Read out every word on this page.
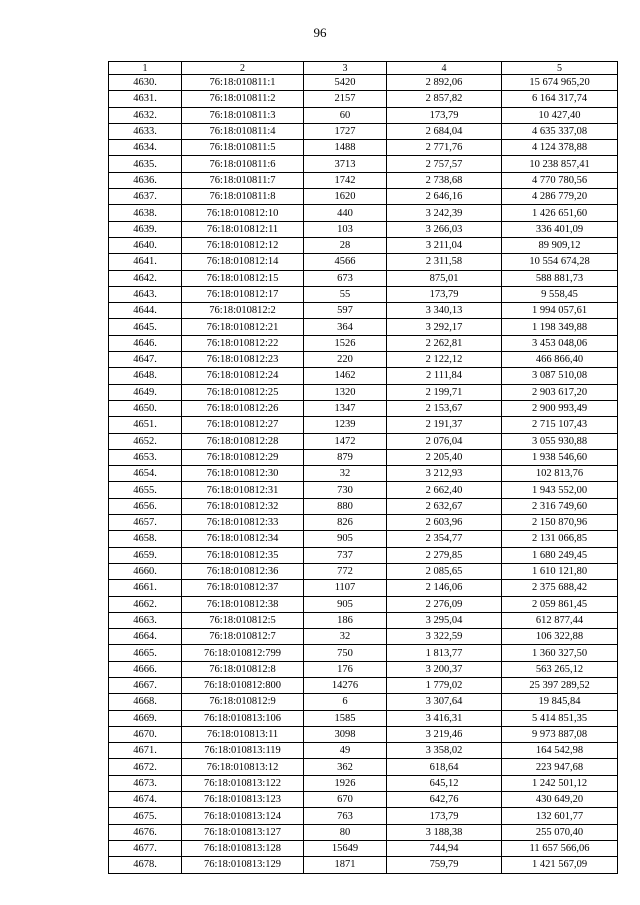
96
1	2	3	4	5
4630.	76:18:010811:1	5420	2 892,06	15 674 965,20
4631.	76:18:010811:2	2157	2 857,82	6 164 317,74
4632.	76:18:010811:3	60	173,79	10 427,40
4633.	76:18:010811:4	1727	2 684,04	4 635 337,08
4634.	76:18:010811:5	1488	2 771,76	4 124 378,88
4635.	76:18:010811:6	3713	2 757,57	10 238 857,41
4636.	76:18:010811:7	1742	2 738,68	4 770 780,56
4637.	76:18:010811:8	1620	2 646,16	4 286 779,20
4638.	76:18:010812:10	440	3 242,39	1 426 651,60
4639.	76:18:010812:11	103	3 266,03	336 401,09
4640.	76:18:010812:12	28	3 211,04	89 909,12
4641.	76:18:010812:14	4566	2 311,58	10 554 674,28
4642.	76:18:010812:15	673	875,01	588 881,73
4643.	76:18:010812:17	55	173,79	9 558,45
4644.	76:18:010812:2	597	3 340,13	1 994 057,61
4645.	76:18:010812:21	364	3 292,17	1 198 349,88
4646.	76:18:010812:22	1526	2 262,81	3 453 048,06
4647.	76:18:010812:23	220	2 122,12	466 866,40
4648.	76:18:010812:24	1462	2 111,84	3 087 510,08
4649.	76:18:010812:25	1320	2 199,71	2 903 617,20
4650.	76:18:010812:26	1347	2 153,67	2 900 993,49
4651.	76:18:010812:27	1239	2 191,37	2 715 107,43
4652.	76:18:010812:28	1472	2 076,04	3 055 930,88
4653.	76:18:010812:29	879	2 205,40	1 938 546,60
4654.	76:18:010812:30	32	3 212,93	102 813,76
4655.	76:18:010812:31	730	2 662,40	1 943 552,00
4656.	76:18:010812:32	880	2 632,67	2 316 749,60
4657.	76:18:010812:33	826	2 603,96	2 150 870,96
4658.	76:18:010812:34	905	2 354,77	2 131 066,85
4659.	76:18:010812:35	737	2 279,85	1 680 249,45
4660.	76:18:010812:36	772	2 085,65	1 610 121,80
4661.	76:18:010812:37	1107	2 146,06	2 375 688,42
4662.	76:18:010812:38	905	2 276,09	2 059 861,45
4663.	76:18:010812:5	186	3 295,04	612 877,44
4664.	76:18:010812:7	32	3 322,59	106 322,88
4665.	76:18:010812:799	750	1 813,77	1 360 327,50
4666.	76:18:010812:8	176	3 200,37	563 265,12
4667.	76:18:010812:800	14276	1 779,02	25 397 289,52
4668.	76:18:010812:9	6	3 307,64	19 845,84
4669.	76:18:010813:106	1585	3 416,31	5 414 851,35
4670.	76:18:010813:11	3098	3 219,46	9 973 887,08
4671.	76:18:010813:119	49	3 358,02	164 542,98
4672.	76:18:010813:12	362	618,64	223 947,68
4673.	76:18:010813:122	1926	645,12	1 242 501,12
4674.	76:18:010813:123	670	642,76	430 649,20
4675.	76:18:010813:124	763	173,79	132 601,77
4676.	76:18:010813:127	80	3 188,38	255 070,40
4677.	76:18:010813:128	15649	744,94	11 657 566,06
4678.	76:18:010813:129	1871	759,79	1 421 567,09
